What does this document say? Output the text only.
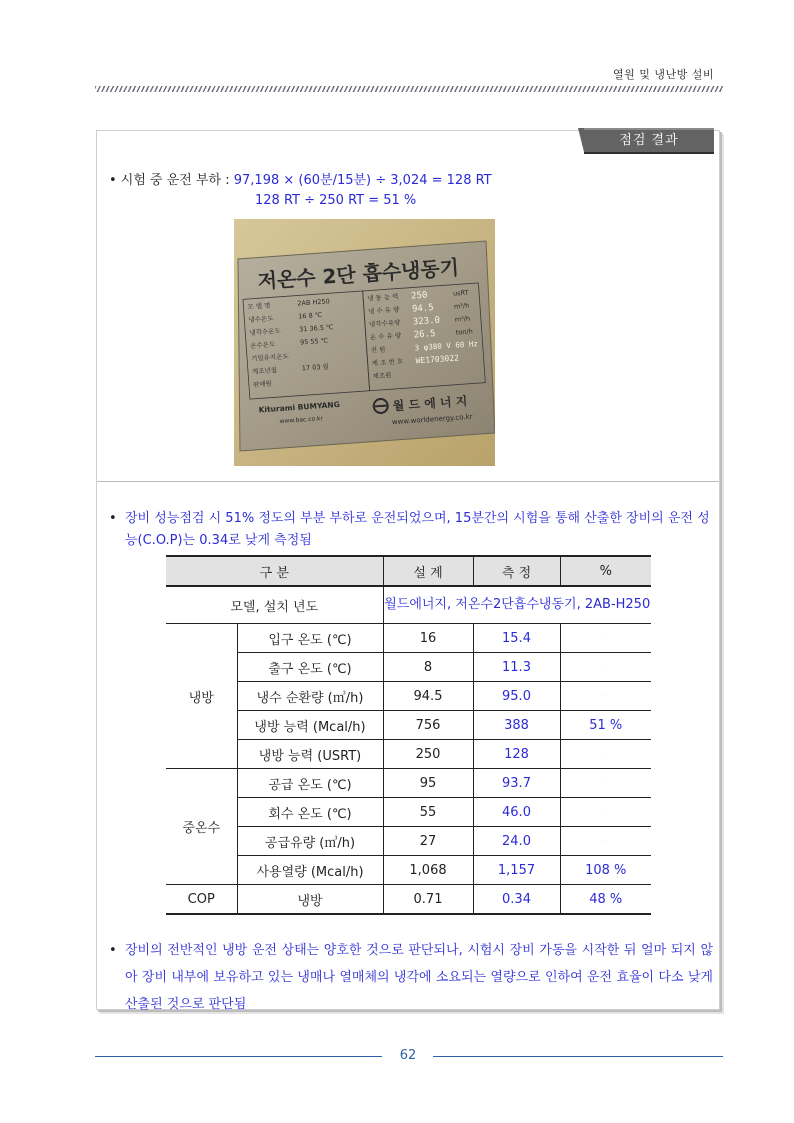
열원 및 냉난방 설비
점검 결과
• 시험 중 운전 부하 : 97,198 × (60분/15분) ÷ 3,024 = 128 RT
128 RT ÷ 250 RT = 51 %
저온수 2단 흡수냉동기
모 델 명
냉수온도
냉각수온도
온수온도
기밀유지온도
제조년월
판매원
2AB H250
16 8 ℃
31 36.5 ℃
95 55 ℃
17 03 월
냉 동 능 력
냉 수 유 량
냉각수유량
온 수 유 량
전 원
제 조 번 호
제조원
250
94.5
323.0
26.5
3 φ380 V 60 Hz
WE1703022
usRT
m³/h
m³/h
ton/h
Kiturami BUMYANG
www.bac.co.kr
월 드 에 너 지
www.worldenergy.co.kr
• 장비 성능점검 시 51% 정도의 부분 부하로 운전되었으며, 15분간의 시험을 통해 산출한 장비의 운전 성능(C.O.P)는 0.34로 낮게 측정됨
구 분		설 계	측 정	%
모델, 설치 년도		월드에너지, 저온수2단흡수냉동기, 2AB-H250		
냉방	입구 온도 (℃)	16	15.4	-
	출구 온도 (℃)	8	11.3	-
	냉수 순환량 (㎥/h)	94.5	95.0	-
	냉방 능력 (Mcal/h)	756	388	51 %
	냉방 능력 (USRT)	250	128	-
중온수	공급 온도 (℃)	95	93.7	-
	회수 온도 (℃)	55	46.0	-
	공급유량 (㎥/h)	27	24.0	-
	사용열량 (Mcal/h)	1,068	1,157	108 %
COP	냉방	0.71	0.34	48 %
• 장비의 전반적인 냉방 운전 상태는 양호한 것으로 판단되나, 시험시 장비 가동을 시작한 뒤 얼마 되지 않아 장비 내부에 보유하고 있는 냉매나 열매체의 냉각에 소요되는 열량으로 인하여 운전 효율이 다소 낮게 산출된 것으로 판단됨
62
